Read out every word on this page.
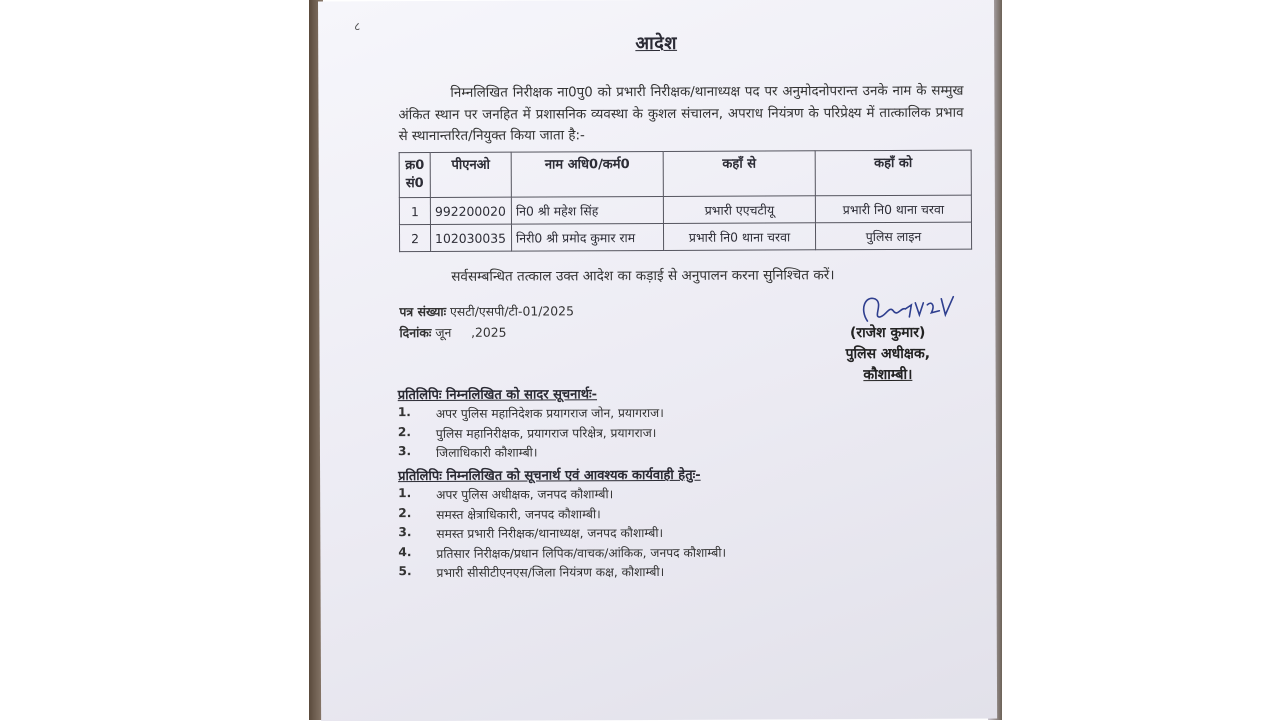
८
आदेश

निम्नलिखित निरीक्षक ना0पु0 को प्रभारी निरीक्षक/थानाध्यक्ष पद पर अनुमोदनोपरान्त उनके नाम के सम्मुख अंकित स्थान पर जनहित में प्रशासनिक व्यवस्था के कुशल संचालन, अपराध नियंत्रण के परिप्रेक्ष्य में तात्कालिक प्रभाव से स्थानान्तरित/नियुक्त किया जाता है:-

क्र0 सं0	पीएनओ	नाम अधि0/कर्म0	कहाँ से	कहाँ को
1	992200020	नि0 श्री महेश सिंह	प्रभारी एएचटीयू	प्रभारी नि0 थाना चरवा
2	102030035	निरी0 श्री प्रमोद कुमार राम	प्रभारी नि0 थाना चरवा	पुलिस लाइन
सर्वसम्बन्धित तत्काल उक्त आदेश का कड़ाई से अनुपालन करना सुनिश्चित करें।
पत्र संख्याः एसटी/एसपी/टी-01/2025
दिनांकः जून     ,2025	(राजेश कुमार)
पुलिस अधीक्षक,
कौशाम्बी।
प्रतिलिपिः निम्नलिखित को सादर सूचनार्थः-
1.	अपर पुलिस महानिदेशक प्रयागराज जोन, प्रयागराज।
2.	पुलिस महानिरीक्षक, प्रयागराज परिक्षेत्र, प्रयागराज।
3.	जिलाधिकारी कौशाम्बी।
प्रतिलिपिः निम्नलिखित को सूचनार्थ एवं आवश्यक कार्यवाही हेतुः-
1.	अपर पुलिस अधीक्षक, जनपद कौशाम्बी।
2.	समस्त क्षेत्राधिकारी, जनपद कौशाम्बी।
3.	समस्त प्रभारी निरीक्षक/थानाध्यक्ष, जनपद कौशाम्बी।
4.	प्रतिसार निरीक्षक/प्रधान लिपिक/वाचक/आंकिक, जनपद कौशाम्बी।
5.	प्रभारी सीसीटीएनएस/जिला नियंत्रण कक्ष, कौशाम्बी।
